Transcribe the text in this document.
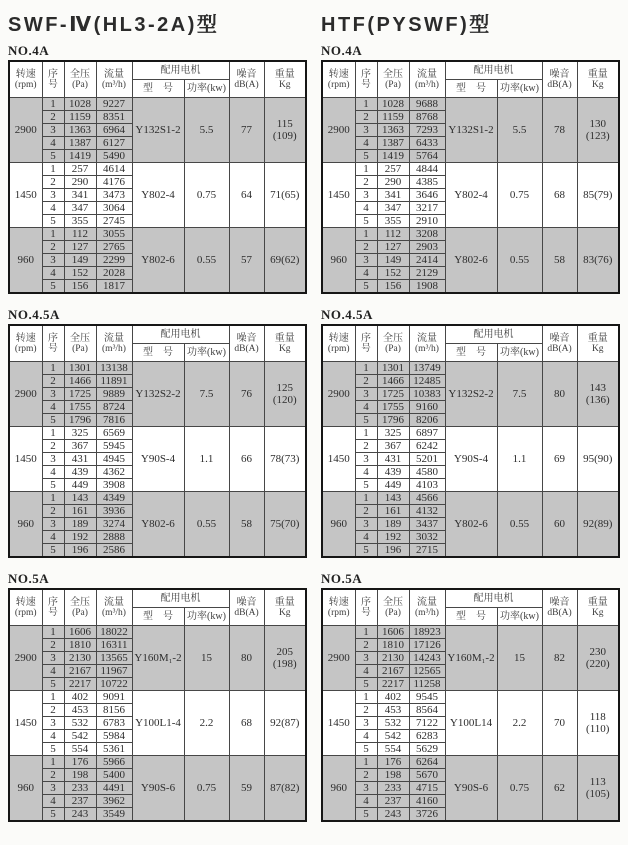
SWF-Ⅳ(HL3-2A)型	HTF(PYSWF)型
NO.4A
转速
(rpm)

序
号

全压
(Pa)

流量
(m³/h)
	配用电机	噪音
dB(A)

重量
Kg

				型　号	功率(kw)		
2900	1	1028	9227	Y132S1-2	5.5	77	115
(109)

	2	1159	8351				
	3	1363	6964				
	4	1387	6127				
	5	1419	5490				
1450	1	257	4614	Y802-4	0.75	64	71(65)

	2	290	4176				
	3	341	3473				
	4	347	3064				
	5	355	2745				
960	1	112	3055	Y802-6	0.55	57	69(62)

	2	127	2765				
	3	149	2299				
	4	152	2028				
	5	156	1817				
NO.4A
转速
(rpm)

序
号

全压
(Pa)

流量
(m³/h)
	配用电机	噪音
dB(A)

重量
Kg

				型　号	功率(kw)		
2900	1	1028	9688	Y132S1-2	5.5	78	130
(123)

	2	1159	8768				
	3	1363	7293				
	4	1387	6433				
	5	1419	5764				
1450	1	257	4844	Y802-4	0.75	68	85(79)

	2	290	4385				
	3	341	3646				
	4	347	3217				
	5	355	2910				
960	1	112	3208	Y802-6	0.55	58	83(76)

	2	127	2903				
	3	149	2414				
	4	152	2129				
	5	156	1908				
NO.4.5A
转速
(rpm)

序
号

全压
(Pa)

流量
(m³/h)
	配用电机	噪音
dB(A)

重量
Kg

				型　号	功率(kw)		
2900	1	1301	13138	Y132S2-2	7.5	76	125
(120)

	2	1466	11891				
	3	1725	9889				
	4	1755	8724				
	5	1796	7816				
1450	1	325	6569	Y90S-4	1.1	66	78(73)

	2	367	5945				
	3	431	4945				
	4	439	4362				
	5	449	3908				
960	1	143	4349	Y802-6	0.55	58	75(70)

	2	161	3936				
	3	189	3274				
	4	192	2888				
	5	196	2586				
NO.4.5A
转速
(rpm)

序
号

全压
(Pa)

流量
(m³/h)
	配用电机	噪音
dB(A)

重量
Kg

				型　号	功率(kw)		
2900	1	1301	13749	Y132S2-2	7.5	80	143
(136)

	2	1466	12485				
	3	1725	10383				
	4	1755	9160				
	5	1796	8206				
1450	1	325	6897	Y90S-4	1.1	69	95(90)

	2	367	6242				
	3	431	5201				
	4	439	4580				
	5	449	4103				
960	1	143	4566	Y802-6	0.55	60	92(89)

	2	161	4132				
	3	189	3437				
	4	192	3032				
	5	196	2715				
NO.5A
转速
(rpm)

序
号

全压
(Pa)

流量
(m³/h)
	配用电机	噪音
dB(A)

重量
Kg

				型　号	功率(kw)		
2900	1	1606	18022	Y160M₁-2	15	80	205
(198)

	2	1810	16311				
	3	2130	13565				
	4	2167	11967				
	5	2217	10722				
1450	1	402	9091	Y100L1-4	2.2	68	92(87)

	2	453	8156				
	3	532	6783				
	4	542	5984				
	5	554	5361				
960	1	176	5966	Y90S-6	0.75	59	87(82)

	2	198	5400				
	3	233	4491				
	4	237	3962				
	5	243	3549				
NO.5A
转速
(rpm)

序
号

全压
(Pa)

流量
(m³/h)
	配用电机	噪音
dB(A)

重量
Kg

				型　号	功率(kw)		
2900	1	1606	18923	Y160M₁-2	15	82	230
(220)

	2	1810	17126				
	3	2130	14243				
	4	2167	12565				
	5	2217	11258				
1450	1	402	9545	Y100L14	2.2	70	118
(110)

	2	453	8564				
	3	532	7122				
	4	542	6283				
	5	554	5629				
960	1	176	6264	Y90S-6	0.75	62	113
(105)

	2	198	5670				
	3	233	4715				
	4	237	4160				
	5	243	3726				
